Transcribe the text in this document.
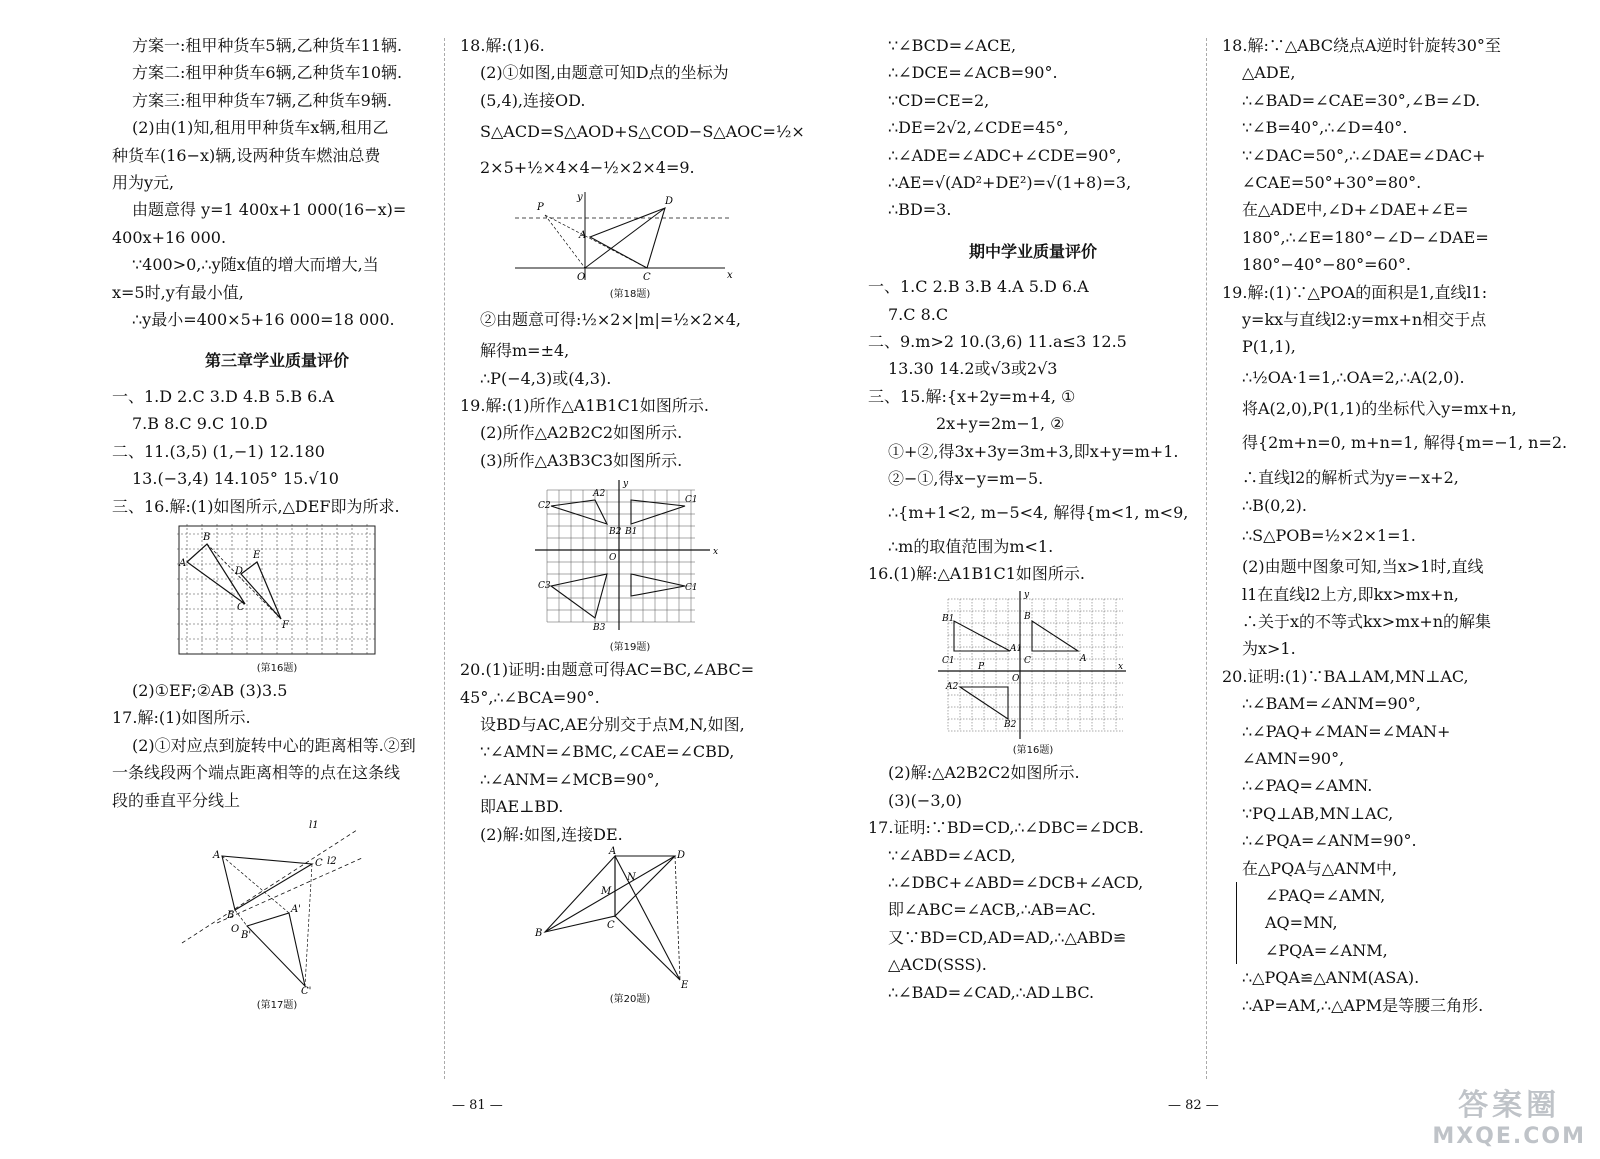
方案一:租甲种货车5辆,乙种货车11辆.

方案二:租甲种货车6辆,乙种货车10辆.

方案三:租甲种货车7辆,乙种货车9辆.

(2)由(1)知,租用甲种货车x辆,租用乙

种货车(16−x)辆,设两种货车燃油总费

用为y元,

由题意得 y=1 400x+1 000(16−x)=

400x+16 000.

∵400>0,∴y随x值的增大而增大,当

x=5时,y有最小值,

∴y最小=400×5+16 000=18 000.

第三章学业质量评价

一、1.D 2.C 3.D 4.B 5.B 6.A

7.B 8.C 9.C 10.D

二、11.(3,5) (1,−1) 12.180

13.(−3,4) 14.105° 15.√10

三、16.解:(1)如图所示,△DEF即为所求.

A
B
C
D
E
F

(第16题)

(2)①EF;②AB (3)3.5

17.解:(1)如图所示.

(2)①对应点到旋转中心的距离相等.②到

一条线段两个端点距离相等的点在这条线

段的垂直平分线上

A
C
B
O
B'
A'
C'
l1
l2

(第17题)

18.解:(1)6.

(2)①如图,由题意可知D点的坐标为

(5,4),连接OD.

S△ACD=S△AOD+S△COD−S△AOC=½×

2×5+½×4×4−½×2×4=9.

P
D
A
O	C	x
y

(第18题)

②由题意可得:½×2×|m|=½×2×4,

解得m=±4,

∴P(−4,3)或(4,3).

19.解:(1)所作△A1B1C1如图所示.

(2)所作△A2B2C2如图所示.

(3)所作△A3B3C3如图所示.

C2
A2
B2 B1
C1
C1
C3
B3
O
x
y

(第19题)

20.(1)证明:由题意可得AC=BC,∠ABC=

45°,∴∠BCA=90°.

设BD与AC,AE分别交于点M,N,如图,

∵∠AMN=∠BMC,∠CAE=∠CBD,

∴∠ANM=∠MCB=90°,

即AE⊥BD.

(2)解:如图,连接DE.

B
A	D
M
N
C
E

(第20题)

— 81 —	— 82 —

∵∠BCD=∠ACE,

∴∠DCE=∠ACB=90°.

∵CD=CE=2,

∴DE=2√2,∠CDE=45°,

∴∠ADE=∠ADC+∠CDE=90°,

∴AE=√(AD²+DE²)=√(1+8)=3,

∴BD=3.

期中学业质量评价

一、1.C 2.B 3.B 4.A 5.D 6.A

7.C 8.C

二、9.m>2 10.(3,6) 11.a≤3 12.5

13.30 14.2或√3或2√3

三、15.解:{x+2y=m+4, ①

2x+y=2m−1, ②

①+②,得3x+3y=3m+3,即x+y=m+1.

②−①,得x−y=m−5.

∴{m+1<2, m−5<4, 解得{m<1, m<9,

∴m的取值范围为m<1.

16.(1)解:△A1B1C1如图所示.

B1
A1
C1
B
C	A
A2
B2
P
O
x
y

(第16题)

(2)解:△A2B2C2如图所示.

(3)(−3,0)

17.证明:∵BD=CD,∴∠DBC=∠DCB.

∵∠ABD=∠ACD,

∴∠DBC+∠ABD=∠DCB+∠ACD,

即∠ABC=∠ACB,∴AB=AC.

又∵BD=CD,AD=AD,∴△ABD≌

△ACD(SSS).

∴∠BAD=∠CAD,∴AD⊥BC.

18.解:∵△ABC绕点A逆时针旋转30°至

△ADE,

∴∠BAD=∠CAE=30°,∠B=∠D.

∵∠B=40°,∴∠D=40°.

∵∠DAC=50°,∴∠DAE=∠DAC+

∠CAE=50°+30°=80°.

在△ADE中,∠D+∠DAE+∠E=

180°,∴∠E=180°−∠D−∠DAE=

180°−40°−80°=60°.

19.解:(1)∵△POA的面积是1,直线l1:

y=kx与直线l2:y=mx+n相交于点

P(1,1),

∴½OA·1=1,∴OA=2,∴A(2,0).

将A(2,0),P(1,1)的坐标代入y=mx+n,

得{2m+n=0, m+n=1, 解得{m=−1, n=2.

∴直线l2的解析式为y=−x+2,

∴B(0,2).

∴S△POB=½×2×1=1.

(2)由题中图象可知,当x>1时,直线

l1在直线l2上方,即kx>mx+n,

∴关于x的不等式kx>mx+n的解集

为x>1.

20.证明:(1)∵BA⊥AM,MN⊥AC,

∴∠BAM=∠ANM=90°,

∴∠PAQ+∠MAN=∠MAN+

∠AMN=90°,

∴∠PAQ=∠AMN.

∵PQ⊥AB,MN⊥AC,

∴∠PQA=∠ANM=90°.

在△PQA与△ANM中,

∠PAQ=∠AMN,

AQ=MN,

∠PQA=∠ANM,

∴△PQA≌△ANM(ASA).

∴AP=AM,∴△APM是等腰三角形.

答案圈
MXQE.COM
